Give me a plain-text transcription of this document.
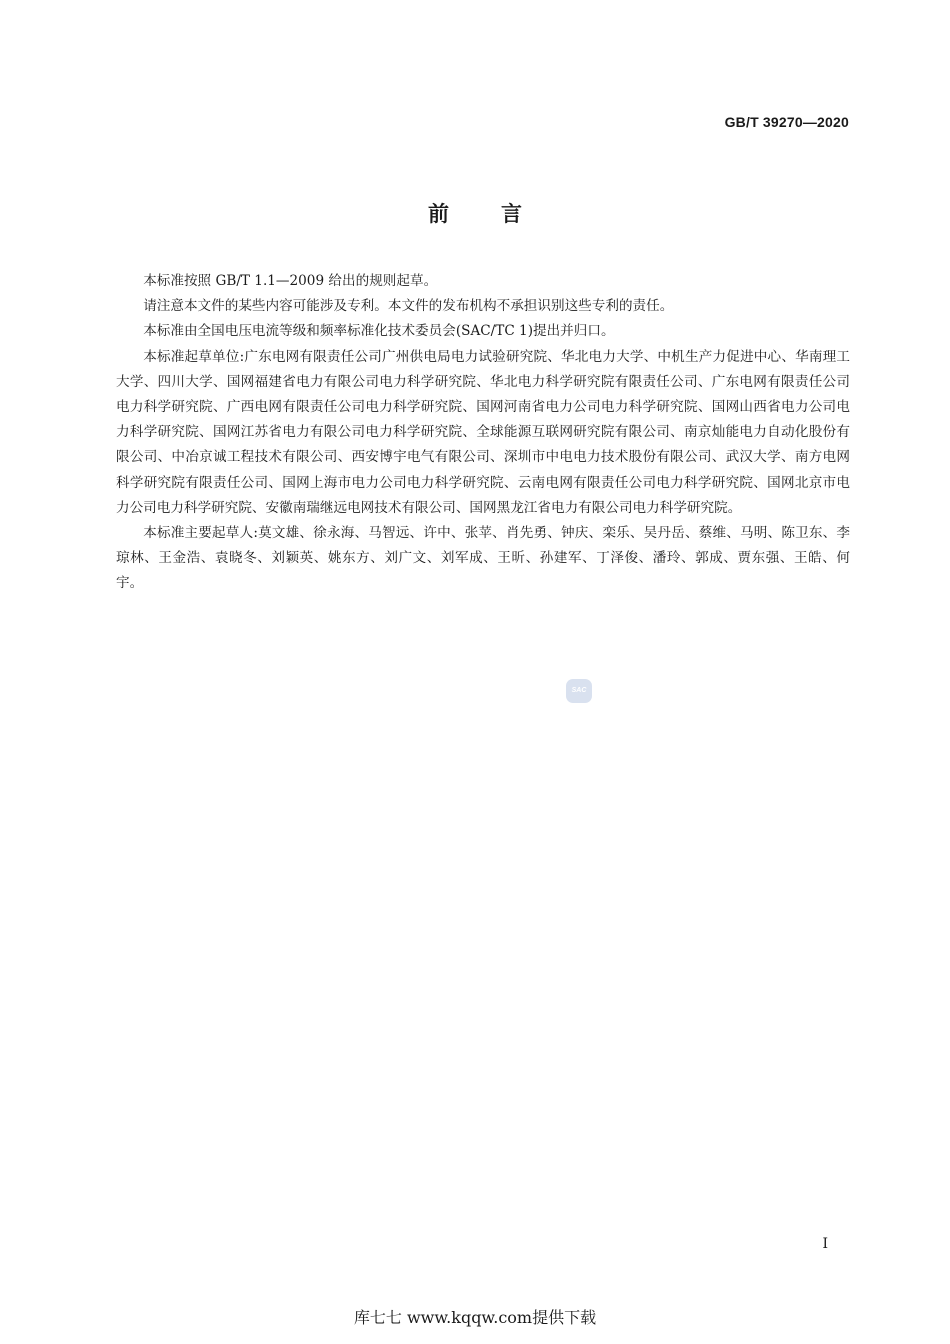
GB/T 39270—2020
前言

本标准按照 GB/T 1.1—2009 给出的规则起草。

请注意本文件的某些内容可能涉及专利。本文件的发布机构不承担识别这些专利的责任。

本标准由全国电压电流等级和频率标准化技术委员会(SAC/TC 1)提出并归口。

本标准起草单位:广东电网有限责任公司广州供电局电力试验研究院、华北电力大学、中机生产力促进中心、华南理工大学、四川大学、国网福建省电力有限公司电力科学研究院、华北电力科学研究院有限责任公司、广东电网有限责任公司电力科学研究院、广西电网有限责任公司电力科学研究院、国网河南省电力公司电力科学研究院、国网山西省电力公司电力科学研究院、国网江苏省电力有限公司电力科学研究院、全球能源互联网研究院有限公司、南京灿能电力自动化股份有限公司、中冶京诚工程技术有限公司、西安博宇电气有限公司、深圳市中电电力技术股份有限公司、武汉大学、南方电网科学研究院有限责任公司、国网上海市电力公司电力科学研究院、云南电网有限责任公司电力科学研究院、国网北京市电力公司电力科学研究院、安徽南瑞继远电网技术有限公司、国网黑龙江省电力有限公司电力科学研究院。

本标准主要起草人:莫文雄、徐永海、马智远、许中、张苹、肖先勇、钟庆、栾乐、吴丹岳、蔡维、马明、陈卫东、李琼林、王金浩、袁晓冬、刘颖英、姚东方、刘广文、刘军成、王昕、孙建军、丁泽俊、潘玲、郭成、贾东强、王皓、何宇。

SAC
I
库七七 www.kqqw.com提供下载
